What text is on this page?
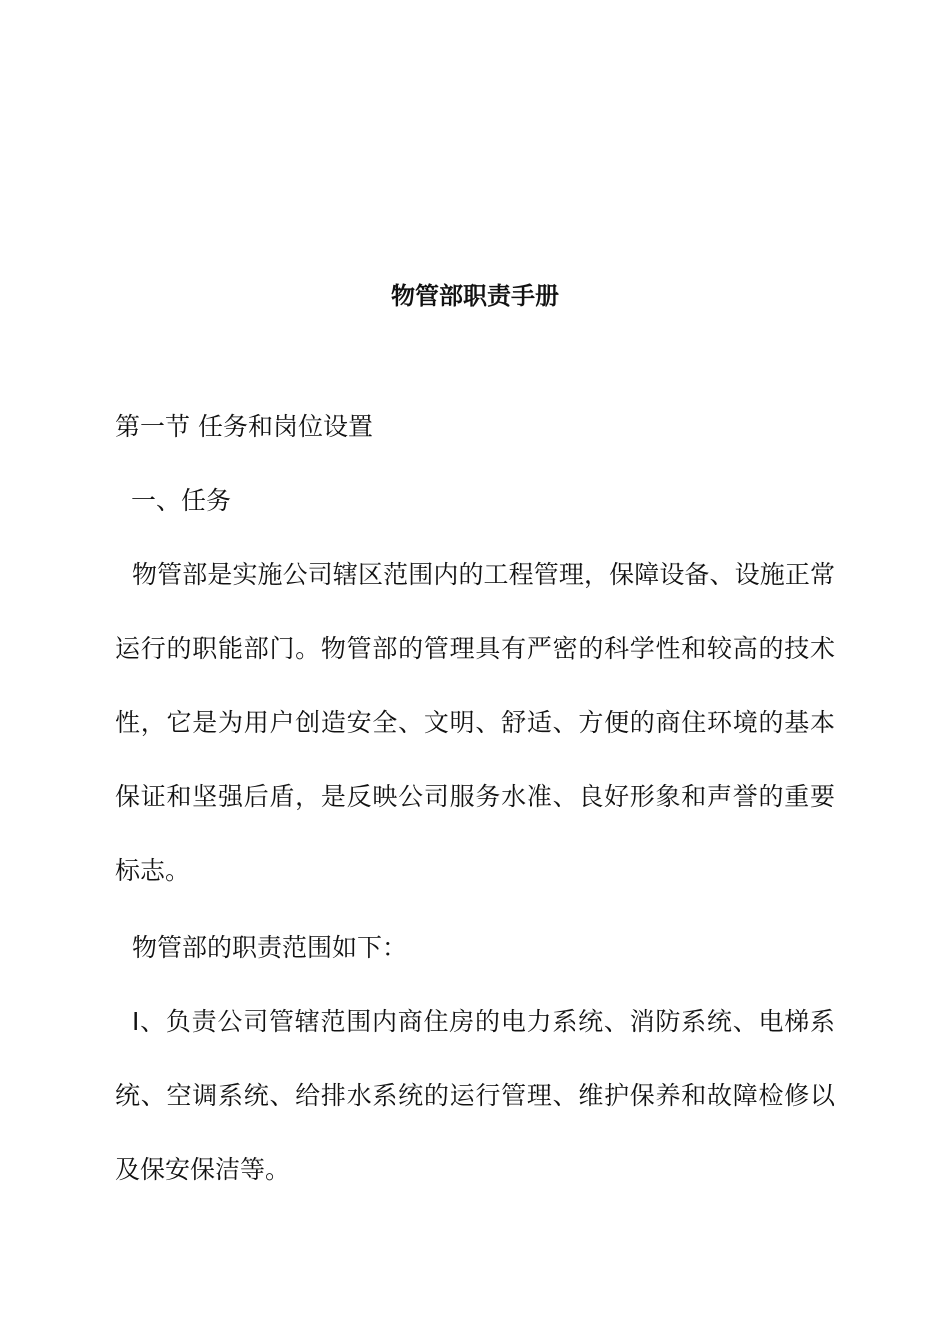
物管部职责手册
第一节 任务和岗位设置
一、任务

物管部是实施公司辖区范围内的工程管理，保障设备、设施正常运行的职能部门。物管部的管理具有严密的科学性和较高的技术性，它是为用户创造安全、文明、舒适、方便的商住环境的基本保证和坚强后盾，是反映公司服务水准、良好形象和声誉的重要标志。

物管部的职责范围如下：

I、负责公司管辖范围内商住房的电力系统、消防系统、电梯系统、空调系统、给排水系统的运行管理、维护保养和故障检修以及保安保洁等。
